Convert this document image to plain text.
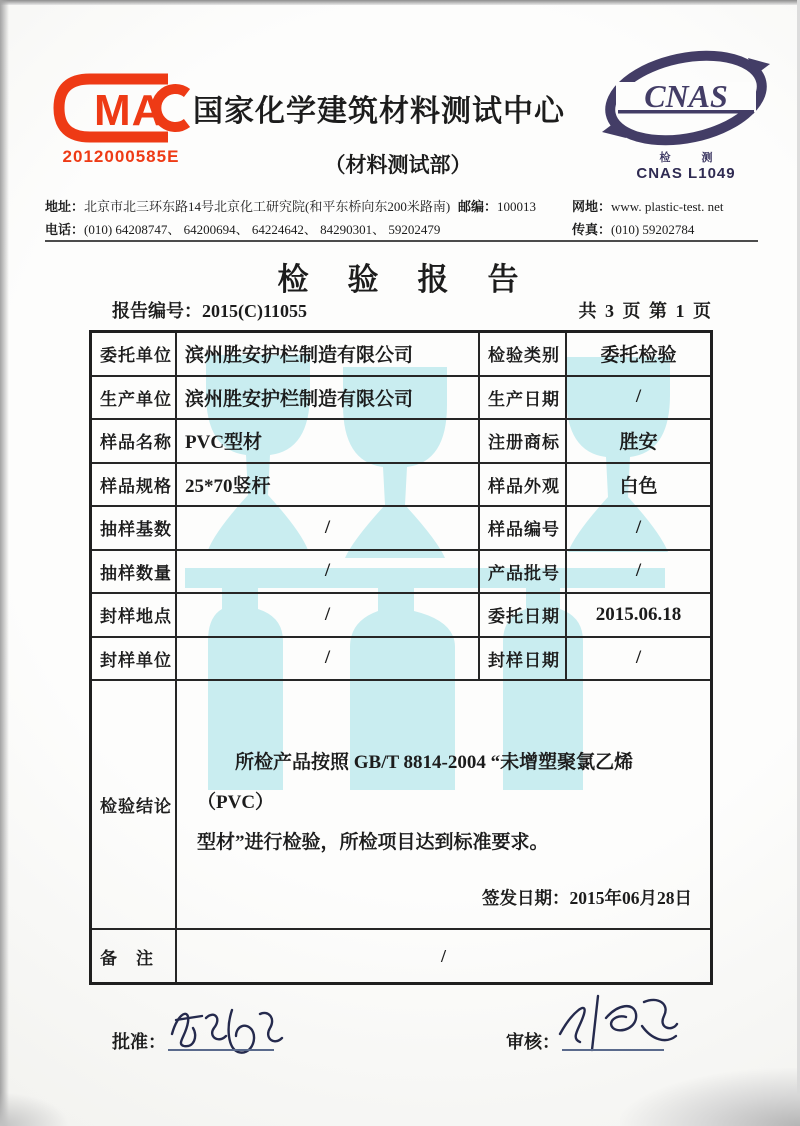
MA
2012000585E
国家化学建筑材料测试中心
（材料测试部）
CNAS
检　测
CNAS L1049
地址：北京市北三环东路14号北京化工研究院(和平东桥向东200米路南) 邮编：100013	网地：www. plastic-test. net
电话：(010) 64208747、 64200694、 64224642、 84290301、 59202479	传真：(010) 59202784
检　验　报　告
报告编号：2015(C)11055	共 3 页 第 1 页
委托单位 滨州胜安护栏制造有限公司	检验类别	委托检验
生产单位 滨州胜安护栏制造有限公司	生产日期	/
样品名称 PVC型材	注册商标	胜安
样品规格 25*70竖杆	样品外观	白色
抽样基数	/	样品编号	/
抽样数量	/	产品批号	/
封样地点	/	委托日期	2015.06.18
封样单位	/	封样日期	/
检验结论
所检产品按照 GB/T 8814-2004 “未增塑聚氯乙烯（PVC）
型材”进行检验，所检项目达到标准要求。
签发日期：2015年06月28日
备　注	/
批准：	审核：
